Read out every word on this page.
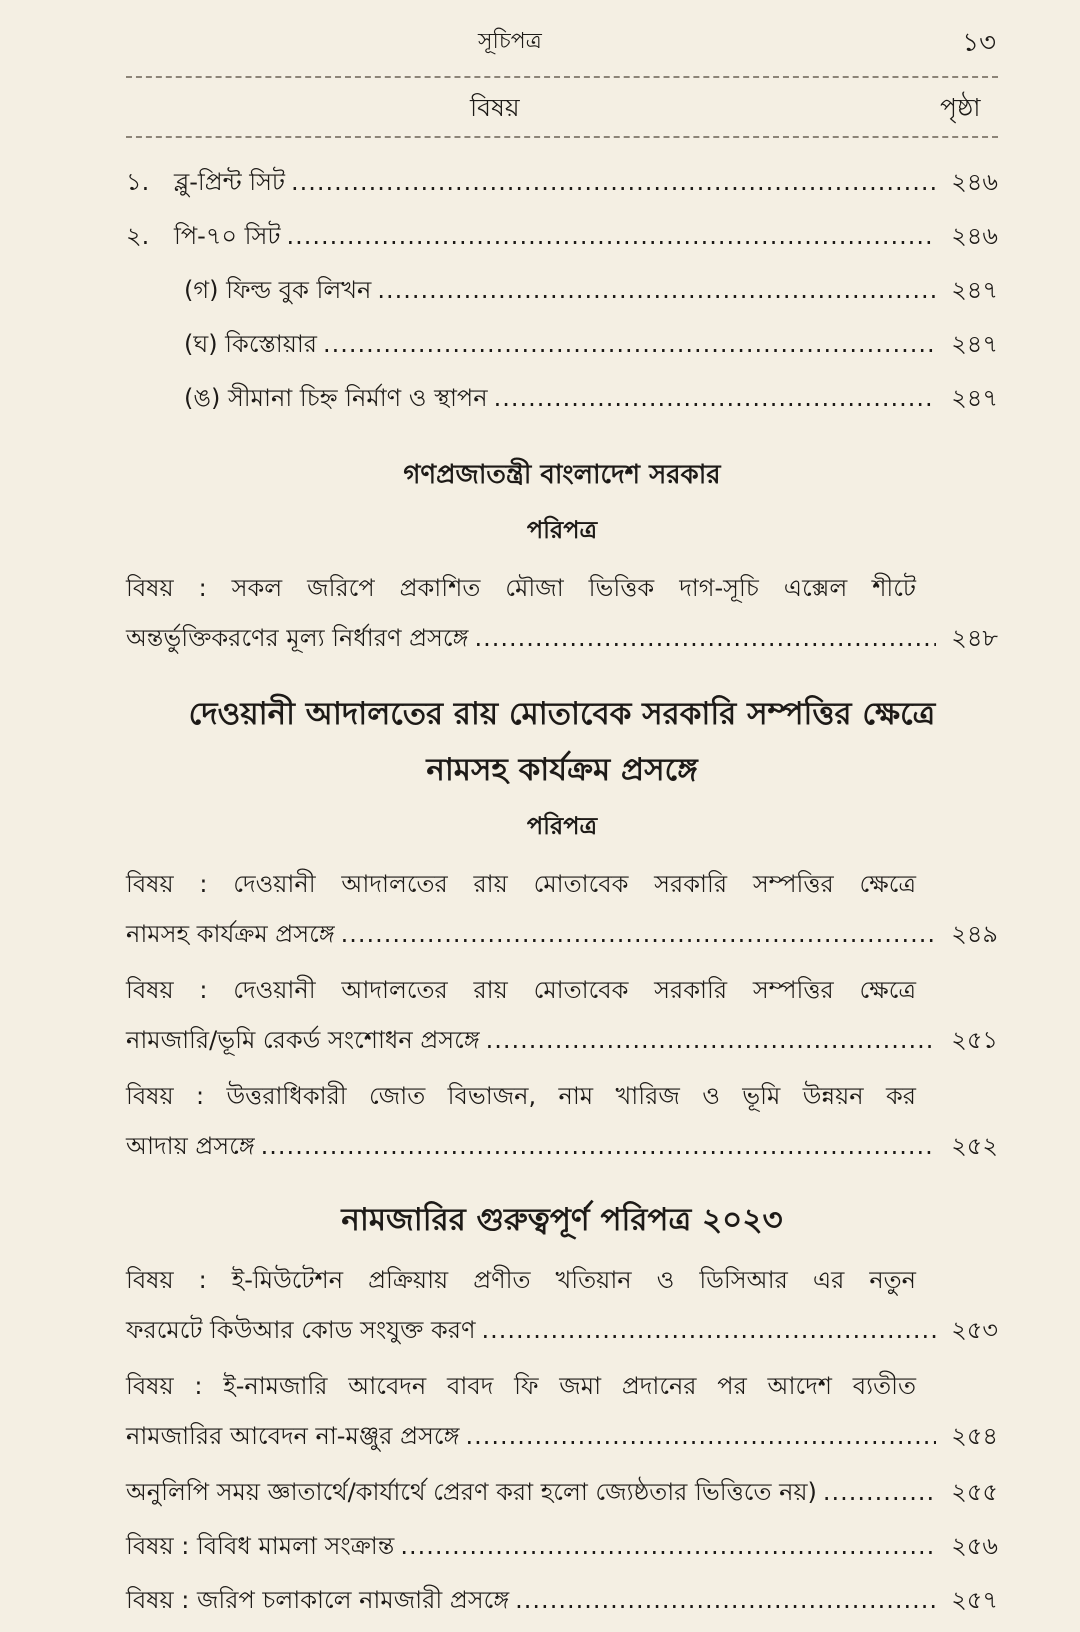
সূচিপত্র	১৩
বিষয়	পৃষ্ঠা
১.	ব্লু-প্রিন্ট সিট .....	২৪৬
২.	পি-৭০ সিট .....	২৪৬
(গ) ফিল্ড বুক লিখন .....	২৪৭
(ঘ) কিস্তোয়ার .....	২৪৭
(ঙ) সীমানা চিহ্ন নির্মাণ ও স্থাপন .....	২৪৭
গণপ্রজাতন্ত্রী বাংলাদেশ সরকার
পরিপত্র
বিষয় : সকল জরিপে প্রকাশিত মৌজা ভিত্তিক দাগ-সূচি এক্সেল শীটে
অন্তর্ভুক্তিকরণের মূল্য নির্ধারণ প্রসঙ্গে .....	২৪৮
দেওয়ানী আদালতের রায় মোতাবেক সরকারি সম্পত্তির ক্ষেত্রে
নামসহ কার্যক্রম প্রসঙ্গে
পরিপত্র
বিষয় : দেওয়ানী আদালতের রায় মোতাবেক সরকারি সম্পত্তির ক্ষেত্রে
নামসহ কার্যক্রম প্রসঙ্গে .....	২৪৯
বিষয় : দেওয়ানী আদালতের রায় মোতাবেক সরকারি সম্পত্তির ক্ষেত্রে
নামজারি/ভূমি রেকর্ড সংশোধন প্রসঙ্গে .....	২৫১
বিষয় : উত্তরাধিকারী জোত বিভাজন, নাম খারিজ ও ভূমি উন্নয়ন কর
আদায় প্রসঙ্গে .....	২৫২
নামজারির গুরুত্বপূর্ণ পরিপত্র ২০২৩
বিষয় : ই-মিউটেশন প্রক্রিয়ায় প্রণীত খতিয়ান ও ডিসিআর এর নতুন
ফরমেটে কিউআর কোড সংযুক্ত করণ .....	২৫৩
বিষয় : ই-নামজারি আবেদন বাবদ ফি জমা প্রদানের পর আদেশ ব্যতীত
নামজারির আবেদন না-মঞ্জুর প্রসঙ্গে .....	২৫৪
অনুলিপি সময় জ্ঞাতার্থে/কার্যার্থে প্রেরণ করা হলো জ্যেষ্ঠতার ভিত্তিতে নয়) .....	২৫৫
বিষয় : বিবিধ মামলা সংক্রান্ত .....	২৫৬
বিষয় : জরিপ চলাকালে নামজারী প্রসঙ্গে .....	২৫৭
